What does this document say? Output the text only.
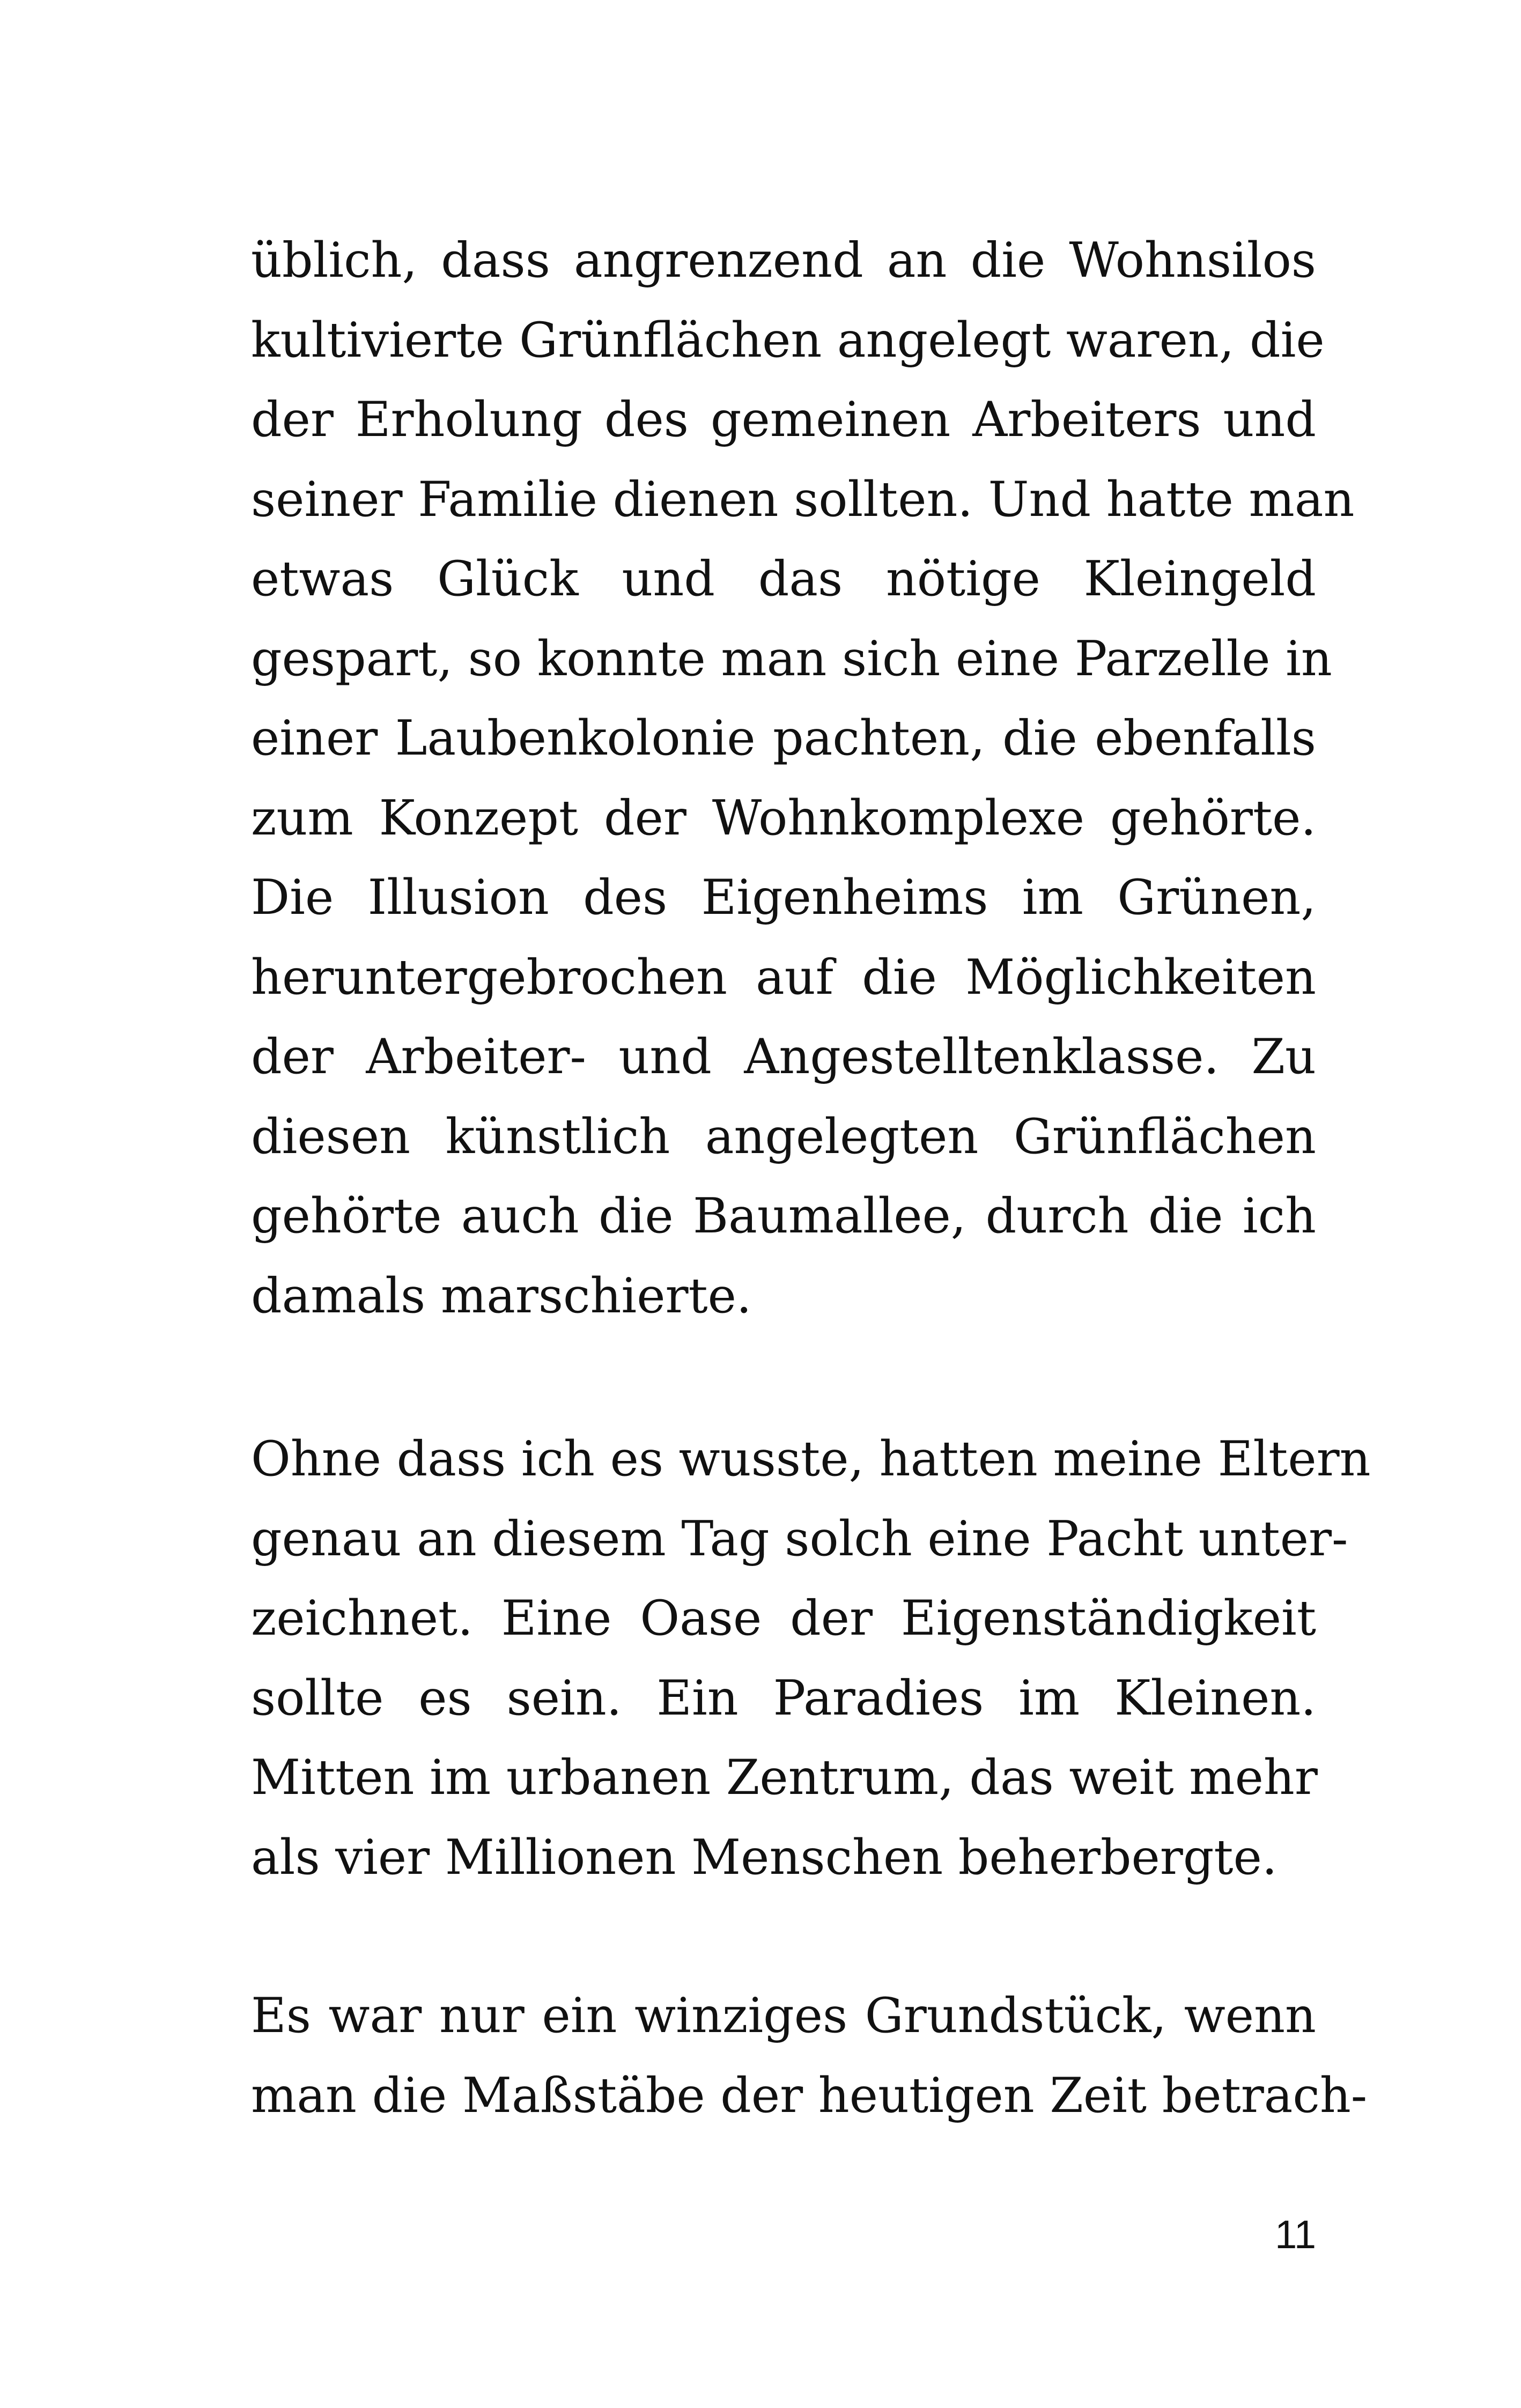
üblich, dass angrenzend an die Wohnsilos
kultivierte Grünflächen angelegt waren, die
der Erholung des gemeinen Arbeiters und
seiner Familie dienen sollten. Und hatte man
etwas Glück und das nötige Kleingeld
gespart, so konnte man sich eine Parzelle in
einer Laubenkolonie pachten, die ebenfalls
zum Konzept der Wohnkomplexe gehörte.
Die Illusion des Eigenheims im Grünen,
heruntergebrochen auf die Möglichkeiten
der Arbeiter- und Angestelltenklasse. Zu
diesen künstlich angelegten Grünflächen
gehörte auch die Baumallee, durch die ich
damals marschierte.
Ohne dass ich es wusste, hatten meine Eltern
genau an diesem Tag solch eine Pacht unter-
zeichnet. Eine Oase der Eigenständigkeit
sollte es sein. Ein Paradies im Kleinen.
Mitten im urbanen Zentrum, das weit mehr
als vier Millionen Menschen beherbergte.
Es war nur ein winziges Grundstück, wenn
man die Maßstäbe der heutigen Zeit betrach-
11
